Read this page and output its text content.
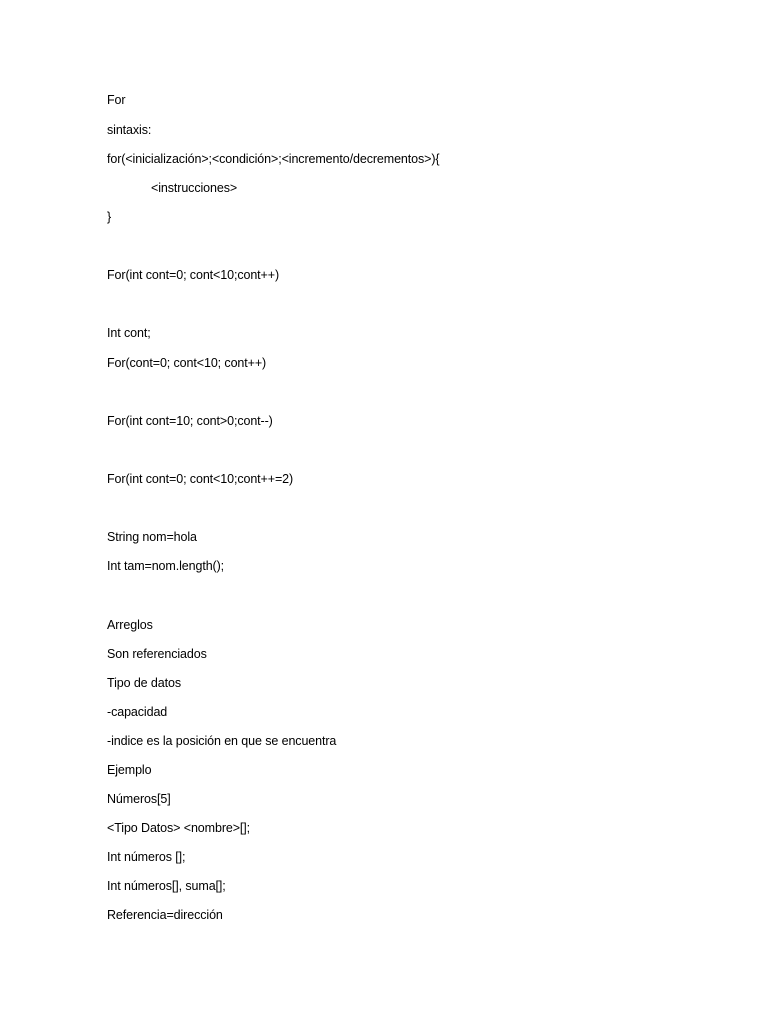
For
sintaxis:
for(<inicialización>;<condición>;<incremento/decrementos>){
<instrucciones>
}
For(int cont=0; cont<10;cont++)
Int cont;
For(cont=0; cont<10; cont++)
For(int cont=10; cont>0;cont--)
For(int cont=0; cont<10;cont++=2)
String nom=hola
Int tam=nom.length();
Arreglos
Son referenciados
Tipo de datos
-capacidad
-indice es la posición en que se encuentra
Ejemplo
Números[5]
<Tipo Datos> <nombre>[];
Int números [];
Int números[], suma[];
Referencia=dirección
